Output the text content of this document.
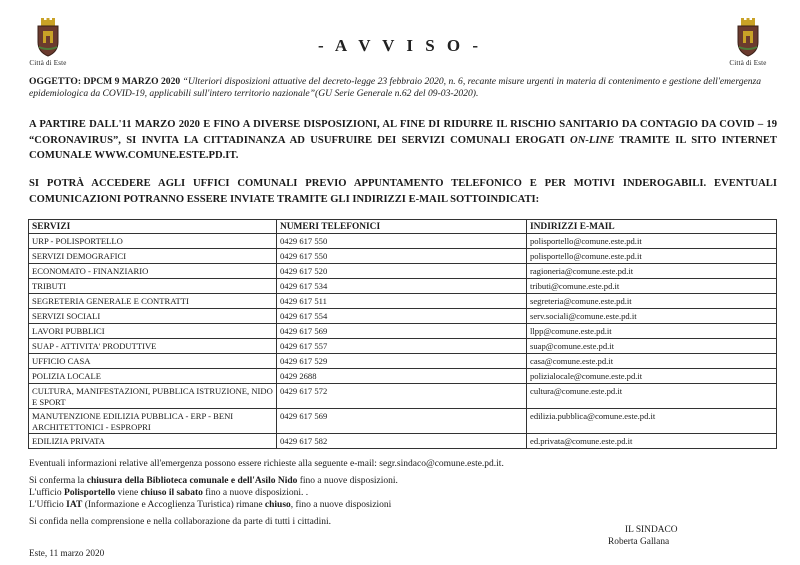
Città di Este	Città di Este
- A V V I S O -
OGGETTO: DPCM 9 MARZO 2020 “Ulteriori disposizioni attuative del decreto-legge 23 febbraio 2020, n. 6, recante misure urgenti in materia di contenimento e gestione dell'emergenza epidemiologica da COVID-19, applicabili sull'intero territorio nazionale”(GU Serie Generale n.62 del 09-03-2020).
A PARTIRE DALL'11 MARZO 2020 E FINO A DIVERSE DISPOSIZIONI, AL FINE DI RIDURRE IL RISCHIO SANITARIO DA CONTAGIO DA COVID – 19 “CORONAVIRUS”, SI INVITA LA CITTADINANZA AD USUFRUIRE DEI SERVIZI COMUNALI EROGATI ON-LINE TRAMITE IL SITO INTERNET COMUNALE WWW.COMUNE.ESTE.PD.IT.
SI POTRÀ ACCEDERE AGLI UFFICI COMUNALI PREVIO APPUNTAMENTO TELEFONICO E PER MOTIVI INDEROGABILI. EVENTUALI COMUNICAZIONI POTRANNO ESSERE INVIATE TRAMITE GLI INDIRIZZI E-MAIL SOTTOINDICATI:
SERVIZI	NUMERI TELEFONICI	INDIRIZZI E-MAIL
URP - POLISPORTELLO	0429 617 550	polisportello@comune.este.pd.it
SERVIZI DEMOGRAFICI	0429 617 550	polisportello@comune.este.pd.it
ECONOMATO - FINANZIARIO	0429 617 520	ragioneria@comune.este.pd.it
TRIBUTI	0429 617 534	tributi@comune.este.pd.it
SEGRETERIA GENERALE E CONTRATTI	0429 617 511	segreteria@comune.este.pd.it
SERVIZI SOCIALI	0429 617 554	serv.sociali@comune.este.pd.it
LAVORI PUBBLICI	0429 617 569	llpp@comune.este.pd.it
SUAP - ATTIVITA' PRODUTTIVE	0429 617 557	suap@comune.este.pd.it
UFFICIO CASA	0429 617 529	casa@comune.este.pd.it
POLIZIA LOCALE	0429 2688	polizialocale@comune.este.pd.it
CULTURA, MANIFESTAZIONI, PUBBLICA ISTRUZIONE, NIDO E SPORT	0429 617 572	cultura@comune.este.pd.it
MANUTENZIONE EDILIZIA PUBBLICA - ERP - BENI ARCHITETTONICI - ESPROPRI	0429 617 569	edilizia.pubblica@comune.este.pd.it
EDILIZIA PRIVATA	0429 617 582	ed.privata@comune.este.pd.it
Eventuali informazioni relative all'emergenza possono essere richieste alla seguente e-mail: segr.sindaco@comune.este.pd.it.
Si conferma la chiusura della Biblioteca comunale e dell'Asilo Nido fino a nuove disposizioni.
L'ufficio Polisportello viene chiuso il sabato fino a nuove disposizioni. .
L'Ufficio IAT (Informazione e Accoglienza Turistica) rimane chiuso, fino a nuove disposizioni
Si confida nella comprensione e nella collaborazione da parte di tutti i cittadini.
IL SINDACO
Roberta Gallana
Este, 11 marzo 2020
